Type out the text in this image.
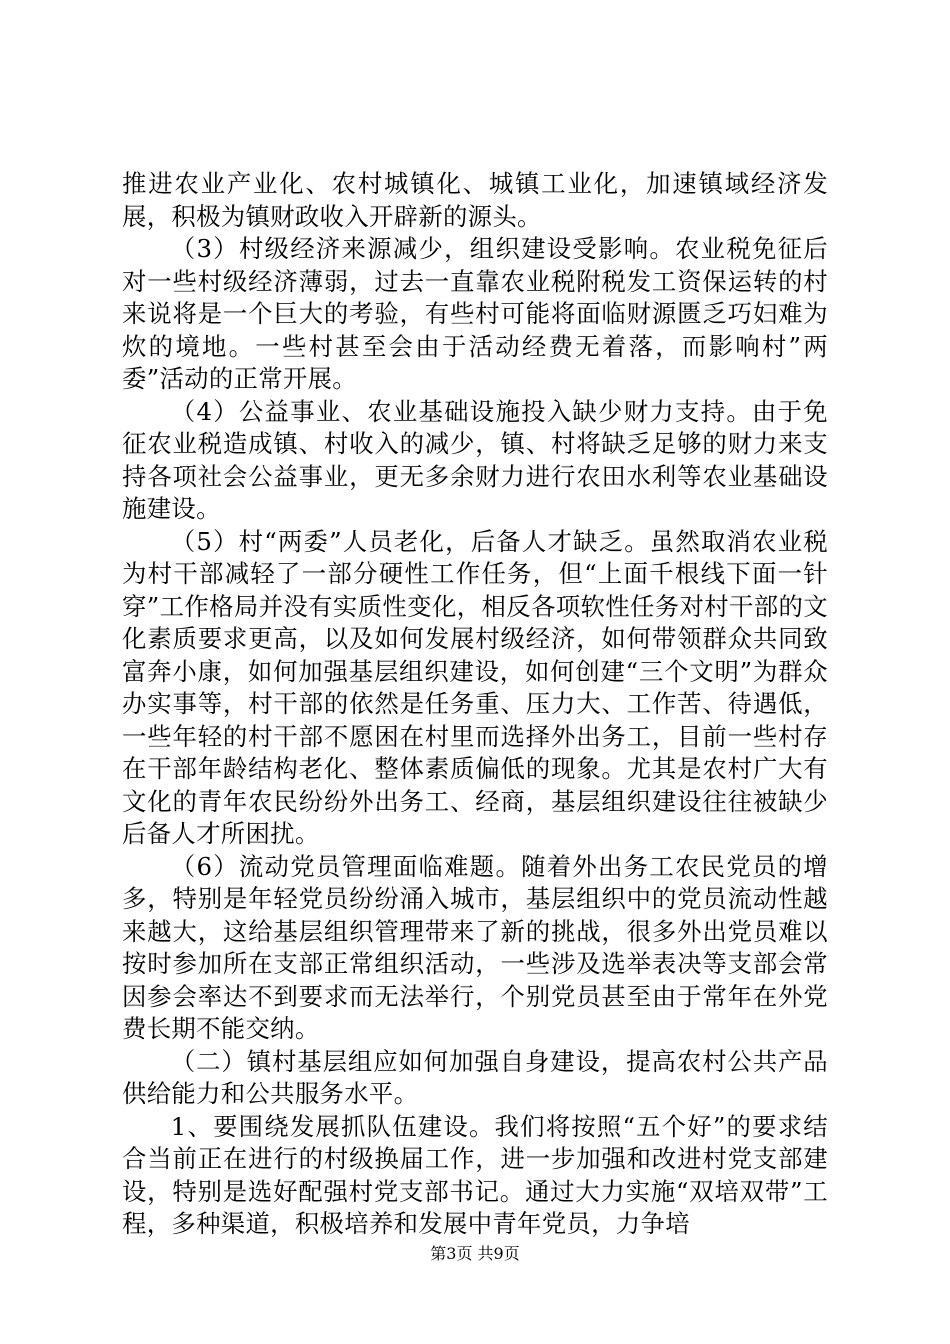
推进农业产业化、农村城镇化、城镇工业化，加速镇域经济发展，积极为镇财政收入开辟新的源头。

（3）村级经济来源减少，组织建设受影响。农业税免征后对一些村级经济薄弱，过去一直靠农业税附税发工资保运转的村来说将是一个巨大的考验，有些村可能将面临财源匮乏巧妇难为炊的境地。一些村甚至会由于活动经费无着落，而影响村”两委”活动的正常开展。

（4）公益事业、农业基础设施投入缺少财力支持。由于免征农业税造成镇、村收入的减少，镇、村将缺乏足够的财力来支持各项社会公益事业，更无多余财力进行农田水利等农业基础设施建设。

（5）村“两委”人员老化，后备人才缺乏。虽然取消农业税为村干部减轻了一部分硬性工作任务，但“上面千根线下面一针穿”工作格局并没有实质性变化，相反各项软性任务对村干部的文化素质要求更高，以及如何发展村级经济，如何带领群众共同致富奔小康，如何加强基层组织建设，如何创建“三个文明”为群众办实事等，村干部的依然是任务重、压力大、工作苦、待遇低，一些年轻的村干部不愿困在村里而选择外出务工，目前一些村存在干部年龄结构老化、整体素质偏低的现象。尤其是农村广大有文化的青年农民纷纷外出务工、经商，基层组织建设往往被缺少后备人才所困扰。

（6）流动党员管理面临难题。随着外出务工农民党员的增多，特别是年轻党员纷纷涌入城市，基层组织中的党员流动性越来越大，这给基层组织管理带来了新的挑战，很多外出党员难以按时参加所在支部正常组织活动，一些涉及选举表决等支部会常因参会率达不到要求而无法举行，个别党员甚至由于常年在外党费长期不能交纳。

（二）镇村基层组应如何加强自身建设，提高农村公共产品供给能力和公共服务水平。

1、要围绕发展抓队伍建设。我们将按照“五个好”的要求结合当前正在进行的村级换届工作，进一步加强和改进村党支部建设，特别是选好配强村党支部书记。通过大力实施“双培双带”工程，多种渠道，积极培养和发展中青年党员，力争培

第3页 共9页
